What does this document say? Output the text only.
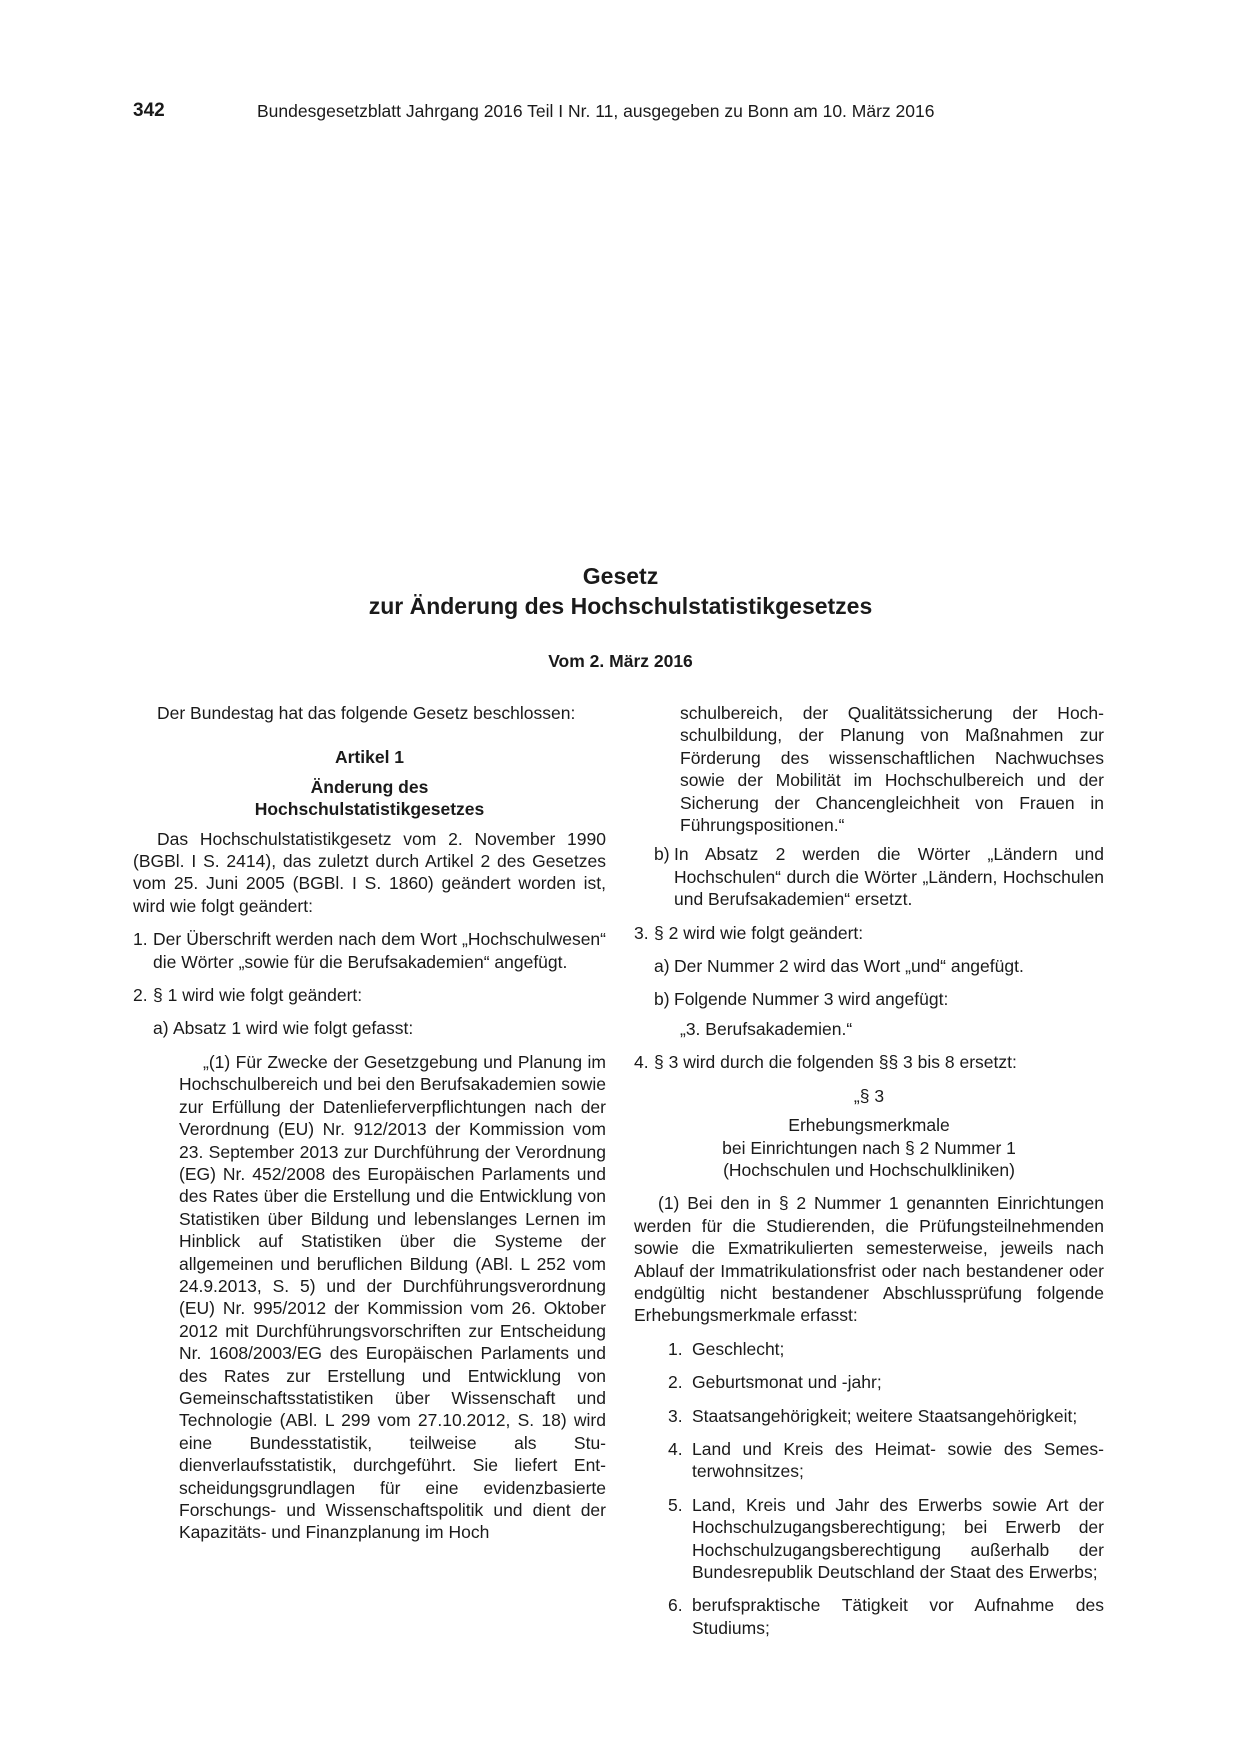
342	Bundesgesetzblatt Jahrgang 2016 Teil I Nr. 11, ausgegeben zu Bonn am 10. März 2016
Gesetz
zur Änderung des Hochschulstatistikgesetzes
Vom 2. März 2016

Der Bundestag hat das folgende Gesetz beschlossen:

Artikel 1

Änderung des

Hochschulstatistikgesetzes

Das Hochschulstatistikgesetz vom 2. November 1990 (BGBl. I S. 2414), das zuletzt durch Artikel 2 des Gesetzes vom 25. Juni 2005 (BGBl. I S. 1860) geändert worden ist, wird wie folgt geändert:

1. Der Überschrift werden nach dem Wort „Hochschulwesen“ die Wörter „sowie für die Berufsakademien“ angefügt.
2. § 1 wird wie folgt geändert:
a) Absatz 1 wird wie folgt gefasst:

„(1) Für Zwecke der Gesetzgebung und Planung im Hochschulbereich und bei den Berufsakademien sowie zur Erfüllung der Datenlieferverpflichtungen nach der Verordnung (EU) Nr. 912/2013 der Kommission vom 23. September 2013 zur Durchführung der Verordnung (EG) Nr. 452/2008 des Europäischen Parlaments und des Rates über die Erstellung und die Entwicklung von Statistiken über Bildung und lebenslanges Lernen im Hinblick auf Statistiken über die Systeme der allgemeinen und beruflichen Bildung (ABl. L 252 vom 24.9.2013, S. 5) und der Durchführungsverordnung (EU) Nr. 995/2012 der Kommission vom 26. Oktober 2012 mit Durchführungsvorschriften zur Entscheidung Nr. 1608/2003/EG des Europäischen Parlaments und des Rates zur Erstellung und Entwicklung von Gemeinschaftsstatistiken über Wissenschaft und Technologie (ABl. L 299 vom 27.10.2012, S. 18) wird eine Bundesstatistik, teilweise als Studienverlaufsstatistik, durchgeführt. Sie liefert Entscheidungsgrundlagen für eine evidenzbasierte Forschungs- und Wissenschaftspolitik und dient der Kapazitäts- und Finanzplanung im Hoch

schulbereich, der Qualitätssicherung der Hochschulbildung, der Planung von Maßnahmen zur Förderung des wissenschaftlichen Nachwuchses sowie der Mobilität im Hochschulbereich und der Sicherung der Chancengleichheit von Frauen in Führungspositionen.“

b) In Absatz 2 werden die Wörter „Ländern und Hochschulen“ durch die Wörter „Ländern, Hochschulen und Berufsakademien“ ersetzt.
3. § 2 wird wie folgt geändert:
a) Der Nummer 2 wird das Wort „und“ angefügt.
b) Folgende Nummer 3 wird angefügt:

„3. Berufsakademien.“

4. § 3 wird durch die folgenden §§ 3 bis 8 ersetzt:

„§ 3

Erhebungsmerkmale

bei Einrichtungen nach § 2 Nummer 1

(Hochschulen und Hochschulkliniken)

(1) Bei den in § 2 Nummer 1 genannten Einrichtungen werden für die Studierenden, die Prüfungsteilnehmenden sowie die Exmatrikulierten semesterweise, jeweils nach Ablauf der Immatrikulationsfrist oder nach bestandener oder endgültig nicht bestandener Abschlussprüfung folgende Erhebungsmerkmale erfasst:

1. Geschlecht;
2. Geburtsmonat und -jahr;
3. Staatsangehörigkeit; weitere Staatsangehörigkeit;
4. Land und Kreis des Heimat- sowie des Semesterwohnsitzes;
5. Land, Kreis und Jahr des Erwerbs sowie Art der Hochschulzugangsberechtigung; bei Erwerb der Hochschulzugangsberechtigung außerhalb der Bundesrepublik Deutschland der Staat des Erwerbs;
6. berufspraktische Tätigkeit vor Aufnahme des Studiums;
